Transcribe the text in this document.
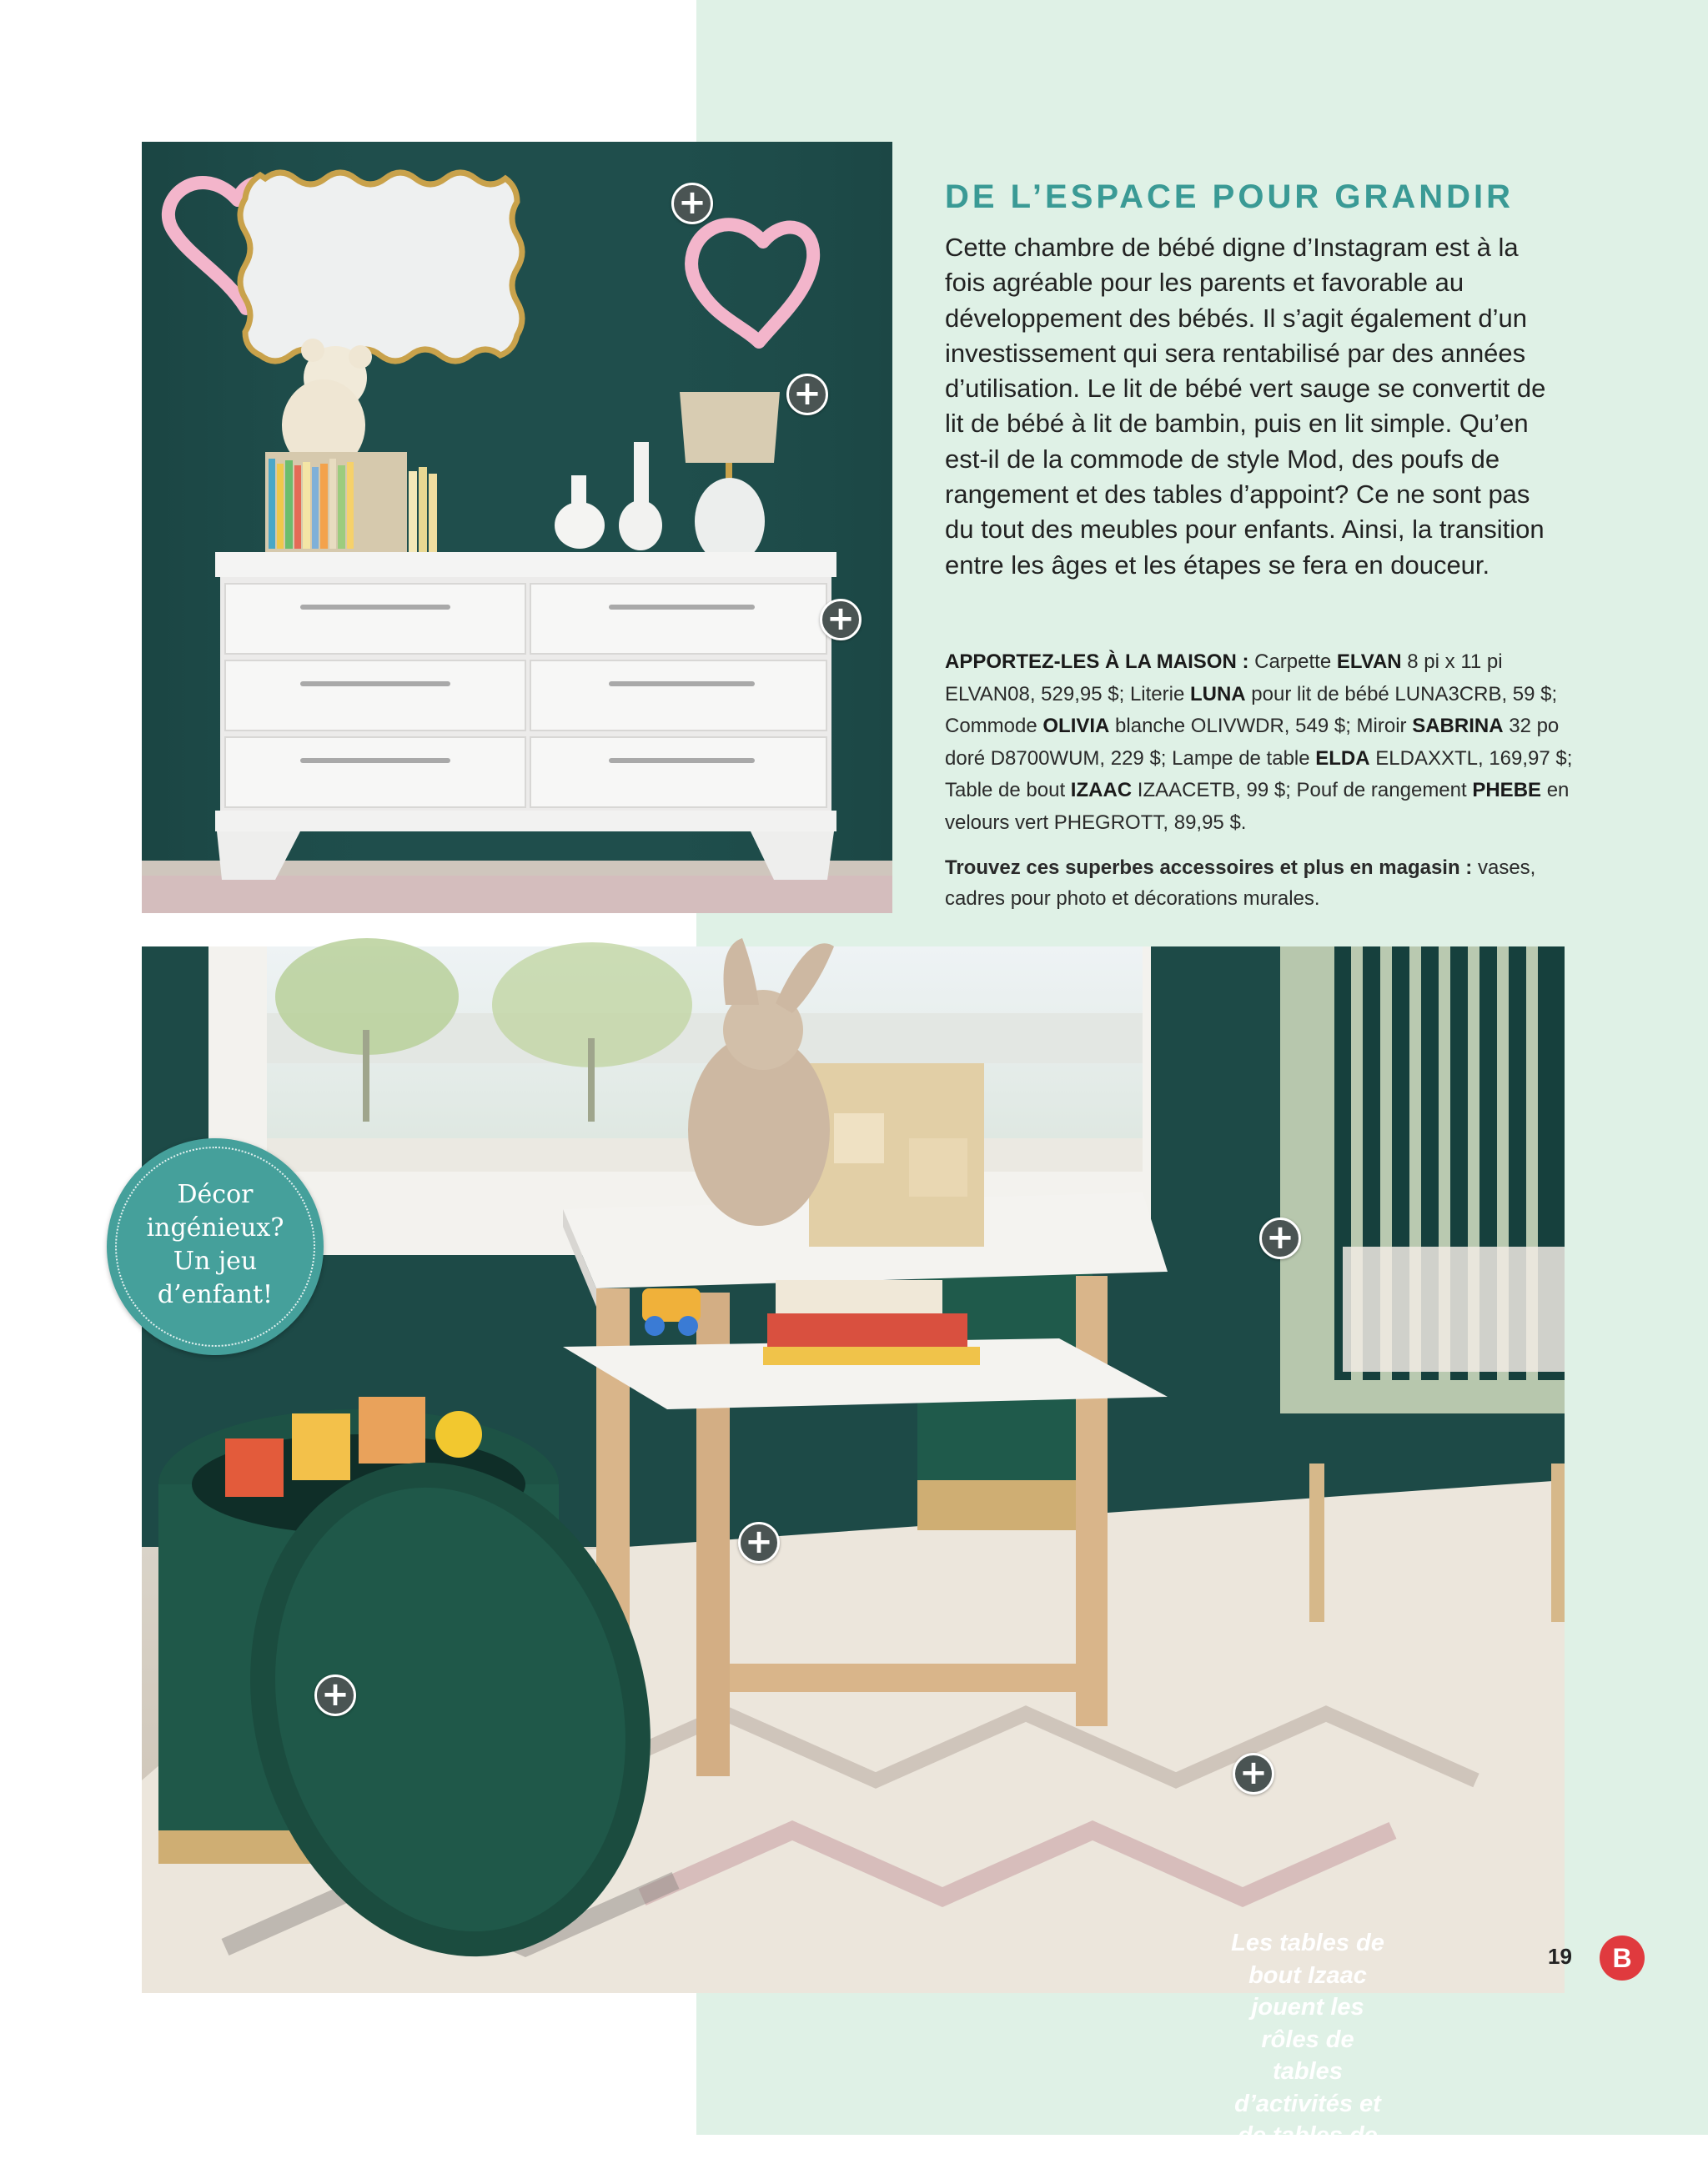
+
+
+
DE L’ESPACE POUR GRANDIR

Cette chambre de bébé digne d’Instagram est à la fois agréable pour les parents et favorable au développement des bébés. Il s’agit également d’un investissement qui sera rentabilisé par des années d’utilisation. Le lit de bébé vert sauge se convertit de lit de bébé à lit de bambin, puis en lit simple. Qu’en est-il de la commode de style Mod, des poufs de rangement et des tables d’appoint? Ce ne sont pas du tout des meubles pour enfants. Ainsi, la transition entre les âges et les étapes se fera en douceur.

APPORTEZ-LES À LA MAISON : Carpette ELVAN 8 pi x 11 pi ELVAN08, 529,95 $; Literie LUNA pour lit de bébé LUNA3CRB, 59 $; Commode OLIVIA blanche OLIVWDR, 549 $; Miroir SABRINA 32 po doré D8700WUM, 229 $; Lampe de table ELDA ELDAXXTL, 169,97 $; Table de bout IZAAC IZAACETB, 99 $; Pouf de rangement PHEBE en velours vert PHEGROTT, 89,95 $.

Trouvez ces superbes accessoires et plus en magasin : vases, cadres pour photo et décorations murales.

Les tables de bout Izaac jouent les rôles de tables d’activités et de tables de nuit!

+
+
+
+

Décor
ingénieux?
Un jeu
d’enfant!

19 B
